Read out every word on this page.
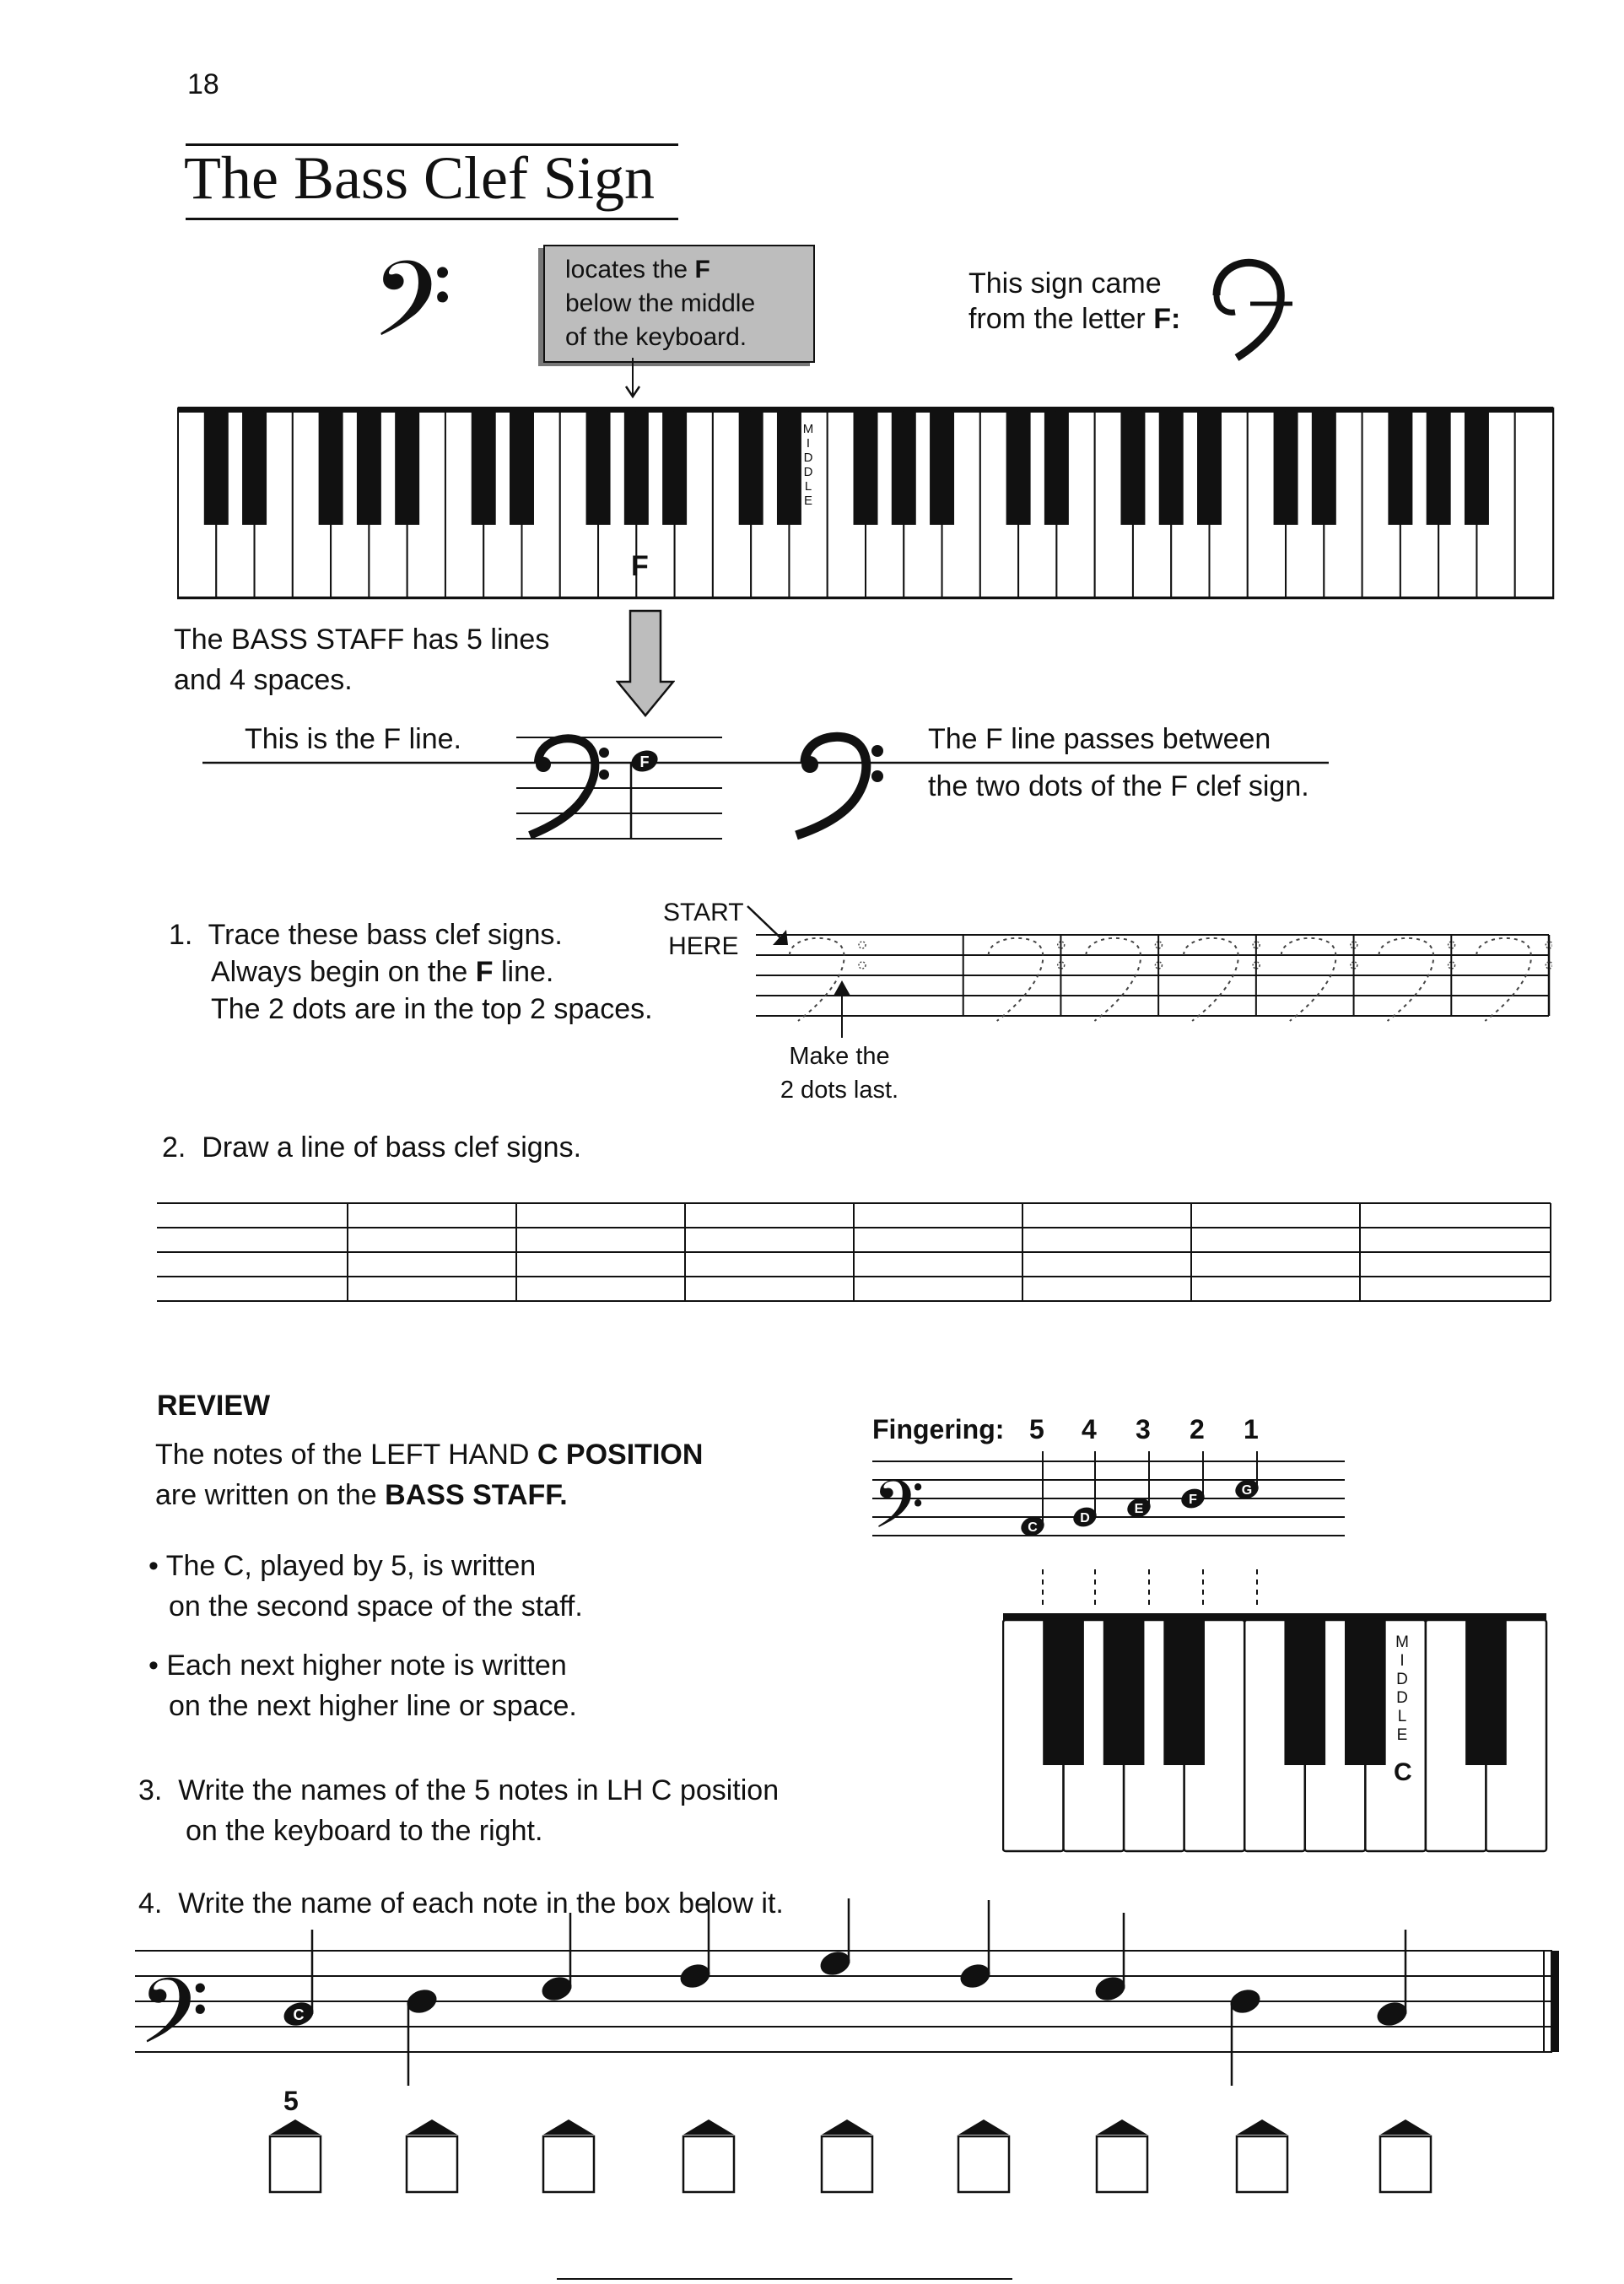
18
The Bass Clef Sign
𝄢	locates the F
below the middle
of the keyboard.
This sign came
from the letter F:
F
M
I
D
D
L
E
The BASS STAFF has 5 lines
and 4 spaces.
This is the F line.
F
The F line passes between
the two dots of the F clef sign.
1. Trace these bass clef signs.
Always begin on the F line.
The 2 dots are in the top 2 spaces.
START
HERE
Make the
2 dots last.
2. Draw a line of bass clef signs.
REVIEW
The notes of the LEFT HAND C POSITION
are written on the BASS STAFF.
• The C, played by 5, is written
on the second space of the staff.
• Each next higher note is written
on the next higher line or space.
Fingering: 5 4 3 2 1
𝄢	C
D
E
F
G
M
I
D
D
L
E
C
3. Write the names of the 5 notes in LH C position
on the keyboard to the right.
4. Write the name of each note in the box below it.
𝄢	C
5
